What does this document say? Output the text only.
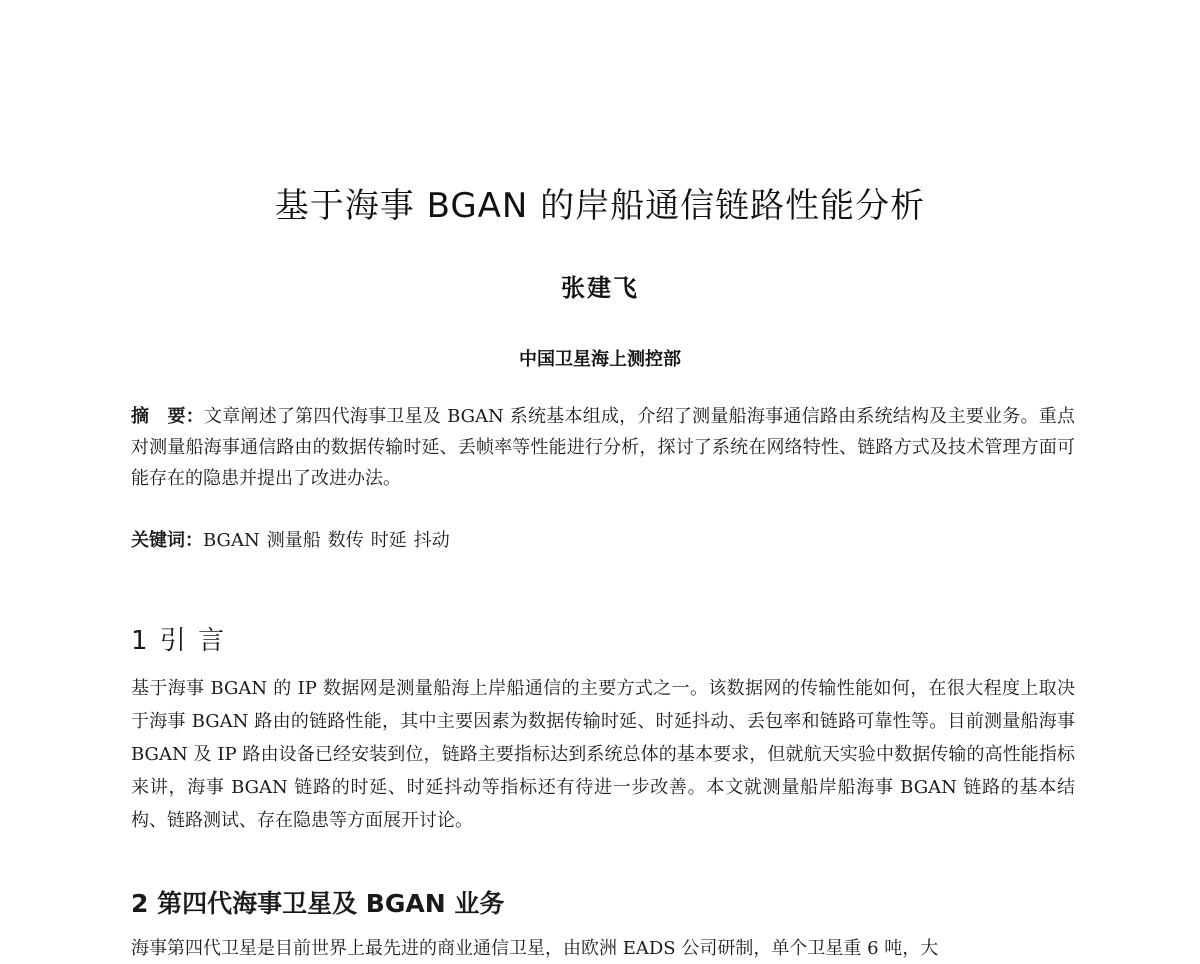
基于海事 BGAN 的岸船通信链路性能分析
张建飞
中国卫星海上测控部

摘　要：文章阐述了第四代海事卫星及 BGAN 系统基本组成，介绍了测量船海事通信路由系统结构及主要业务。重点对测量船海事通信路由的数据传输时延、丢帧率等性能进行分析，探讨了系统在网络特性、链路方式及技术管理方面可能存在的隐患并提出了改进办法。

关键词：BGAN 测量船 数传 时延 抖动
1 引 言

基于海事 BGAN 的 IP 数据网是测量船海上岸船通信的主要方式之一。该数据网的传输性能如何，在很大程度上取决于海事 BGAN 路由的链路性能，其中主要因素为数据传输时延、时延抖动、丢包率和链路可靠性等。目前测量船海事 BGAN 及 IP 路由设备已经安装到位，链路主要指标达到系统总体的基本要求，但就航天实验中数据传输的高性能指标来讲，海事 BGAN 链路的时延、时延抖动等指标还有待进一步改善。本文就测量船岸船海事 BGAN 链路的基本结构、链路测试、存在隐患等方面展开讨论。

2 第四代海事卫星及 BGAN 业务

海事第四代卫星是目前世界上最先进的商业通信卫星，由欧洲 EADS 公司研制，单个卫星重 6 吨，大
